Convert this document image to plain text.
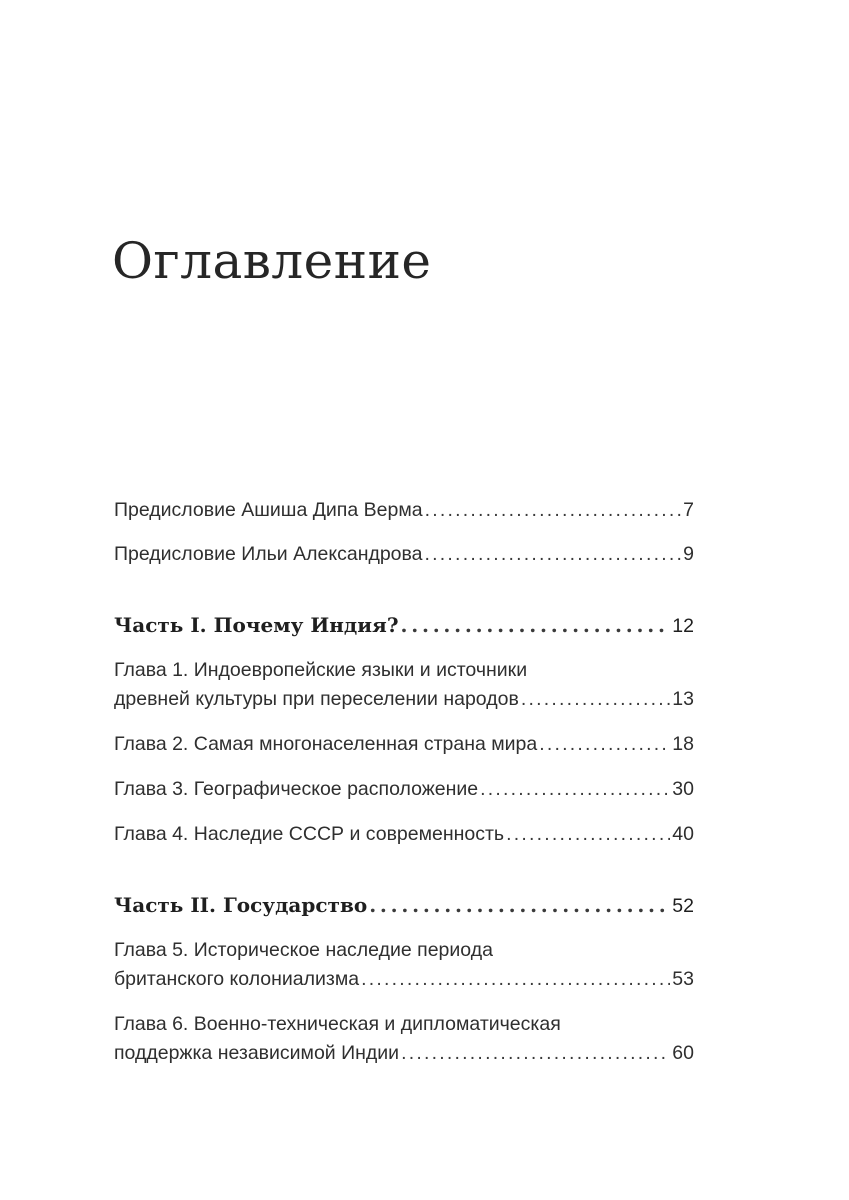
Оглавление
Предисловие Ашиша Дипа Верма . . .	7
Предисловие Ильи Александрова . . .	9
Часть I. Почему Индия? . . .	12
Глава 1. Индоевропейские языки и источники
древней культуры при переселении народов . . .	13
Глава 2. Самая многонаселенная страна мира . . .	18
Глава 3. Географическое расположение . . .	30
Глава 4. Наследие СССР и современность . . .	40
Часть II. Государство . . .	52
Глава 5. Историческое наследие периода
британского колониализма . . .	53
Глава 6. Военно-техническая и дипломатическая
поддержка независимой Индии . . .	60
